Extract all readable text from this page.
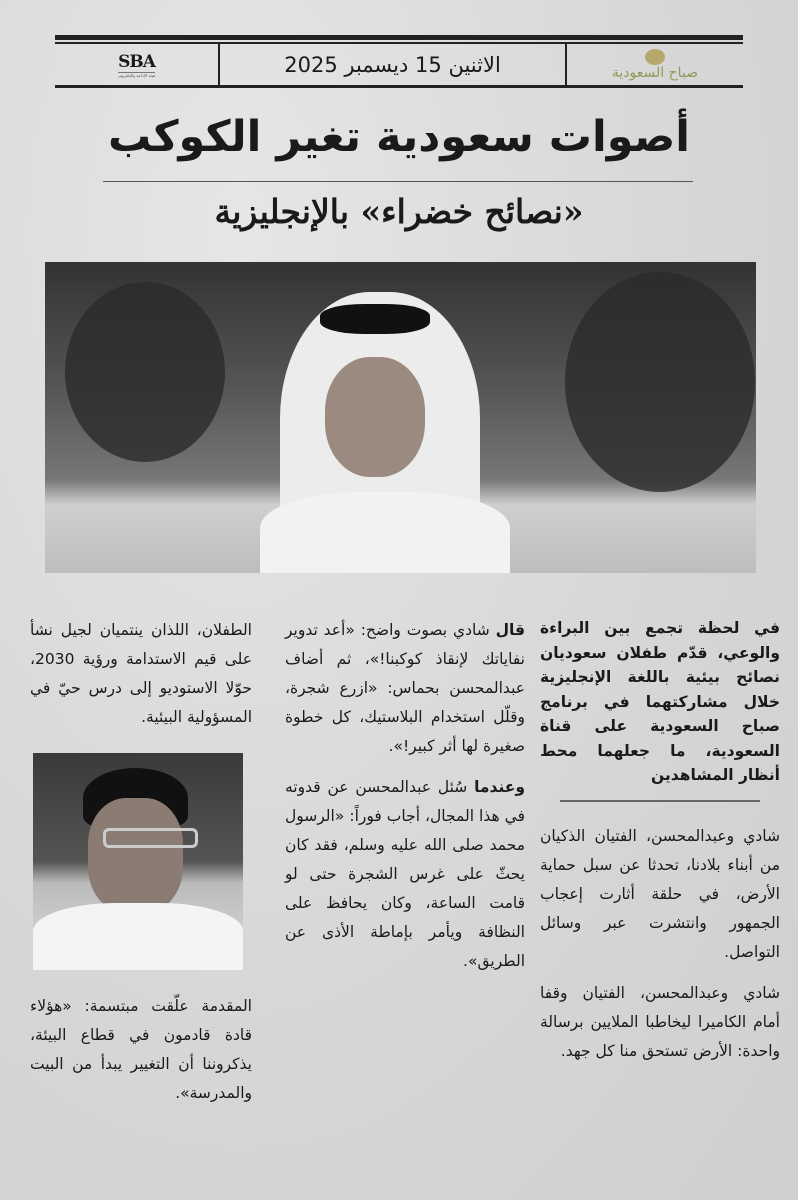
SBA
هيئة الإذاعة والتلفزيون	الاثنين 15 ديسمبر 2025	صباح السعودية
أصوات سعودية تغير الكوكب
«نصائح خضراء» بالإنجليزية

في لحظة تجمع بين البراءة والوعي، قدّم طفلان سعوديان نصائح بيئية باللغة الإنجليزية خلال مشاركتهما في برنامج صباح السعودية على قناة السعودية، ما جعلهما محط أنظار المشاهدين

شادي وعبدالمحسن، الفتيان الذكيان من أبناء بلادنا، تحدثا عن سبل حماية الأرض، في حلقة أثارت إعجاب الجمهور وانتشرت عبر وسائل التواصل.

شادي وعبدالمحسن، الفتيان وقفا أمام الكاميرا ليخاطبا الملايين برسالة واحدة: الأرض تستحق منا كل جهد.

قال شادي بصوت واضح: «أعد تدوير نفاياتك لإنقاذ كوكبنا!»، ثم أضاف عبدالمحسن بحماس: «ازرع شجرة، وقلّل استخدام البلاستيك، كل خطوة صغيرة لها أثر كبير!».

وعندما سُئل عبدالمحسن عن قدوته في هذا المجال، أجاب فوراً: «الرسول محمد صلى الله عليه وسلم، فقد كان يحثّ على غرس الشجرة حتى لو قامت الساعة، وكان يحافظ على النظافة ويأمر بإماطة الأذى عن الطريق».

الطفلان، اللذان ينتميان لجيل نشأ على قيم الاستدامة ورؤية 2030، حوّلا الاستوديو إلى درس حيّ في المسؤولية البيئية.

المقدمة علّقت مبتسمة: «هؤلاء قادة قادمون في قطاع البيئة، يذكروننا أن التغيير يبدأ من البيت والمدرسة».
